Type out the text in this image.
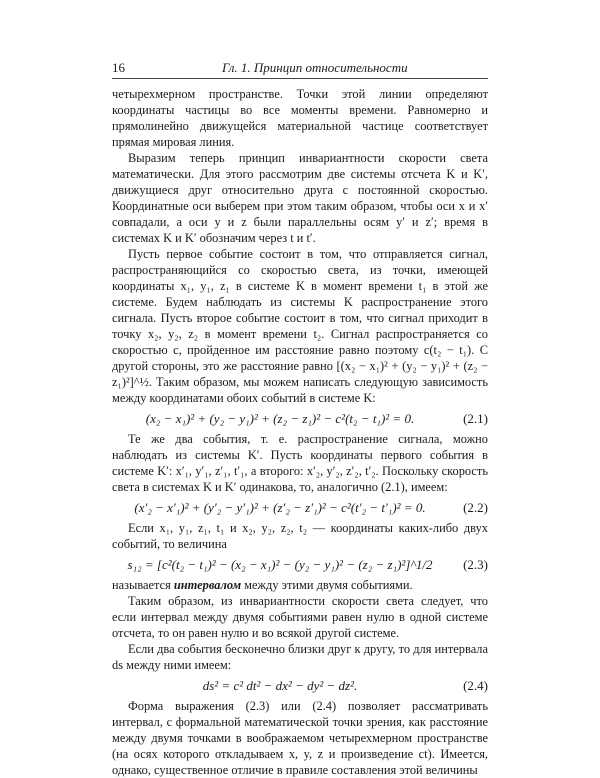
16	Гл. 1. Принцип относительности

четырехмерном пространстве. Точки этой линии определяют координаты частицы во все моменты времени. Равномерно и прямолинейно движущейся материальной частице соответствует прямая мировая линия.

Выразим теперь принцип инвариантности скорости света математически. Для этого рассмотрим две системы отсчета K и K′, движущиеся друг относительно друга с постоянной скоростью. Координатные оси выберем при этом таким образом, чтобы оси x и x′ совпадали, а оси y и z были параллельны осям y′ и z′; время в системах K и K′ обозначим через t и t′.

Пусть первое событие состоит в том, что отправляется сигнал, распространяющийся со скоростью света, из точки, имеющей координаты x₁, y₁, z₁ в системе K в момент времени t₁ в этой же системе. Будем наблюдать из системы K распространение этого сигнала. Пусть второе событие состоит в том, что сигнал приходит в точку x₂, y₂, z₂ в момент времени t₂. Сигнал распространяется со скоростью c, пройденное им расстояние равно поэтому c(t₂ − t₁). С другой стороны, это же расстояние равно [(x₂ − x₁)² + (y₂ − y₁)² + (z₂ − z₁)²]^½. Таким образом, мы можем написать следующую зависимость между координатами обоих событий в системе K:

(x₂ − x₁)² + (y₂ − y₁)² + (z₂ − z₁)² − c²(t₂ − t₁)² = 0.	(2.1)

Те же два события, т. е. распространение сигнала, можно наблюдать из системы K′. Пусть координаты первого события в системе K′: x′₁, y′₁, z′₁, t′₁, а второго: x′₂, y′₂, z′₂, t′₂. Поскольку скорость света в системах K и K′ одинакова, то, аналогично (2.1), имеем:

(x′₂ − x′₁)² + (y′₂ − y′₁)² + (z′₂ − z′₁)² − c²(t′₂ − t′₁)² = 0.	(2.2)

Если x₁, y₁, z₁, t₁ и x₂, y₂, z₂, t₂ — координаты каких-либо двух событий, то величина

s₁₂ = [c²(t₂ − t₁)² − (x₂ − x₁)² − (y₂ − y₁)² − (z₂ − z₁)²]^1/2 (2.3)

называется интервалом между этими двумя событиями.

Таким образом, из инвариантности скорости света следует, что если интервал между двумя событиями равен нулю в одной системе отсчета, то он равен нулю и во всякой другой системе.

Если два события бесконечно близки друг к другу, то для интервала ds между ними имеем:

ds² = c² dt² − dx² − dy² − dz².	(2.4)

Форма выражения (2.3) или (2.4) позволяет рассматривать интервал, с формальной математической точки зрения, как расстояние между двумя точками в воображаемом четырехмерном пространстве (на осях которого откладываем x, y, z и произведение ct). Имеется, однако, существенное отличие в правиле составления этой величины
